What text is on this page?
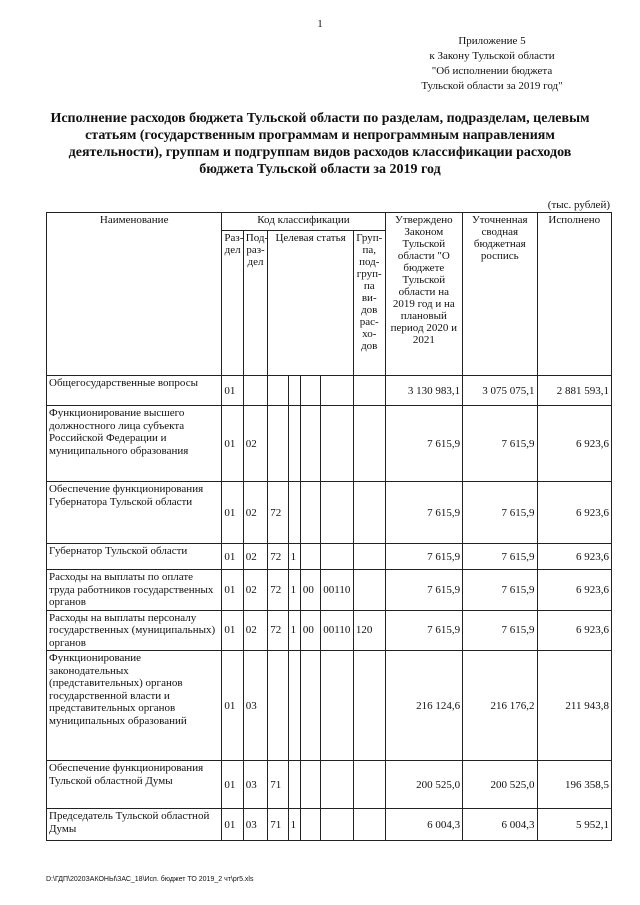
1
Приложение 5
к Закону Тульской области
"Об исполнении бюджета
Тульской области за 2019 год"
Исполнение расходов бюджета Тульской области по разделам, подразделам, целевым статьям (государственным программам и непрограммным направлениям деятельности), группам и подгруппам видов расходов классификации расходов бюджета Тульской области за 2019 год
(тыс. рублей)
Наименование	Код классификации							Утверждено Законом Тульской области "О бюджете Тульской области на 2019 год и на плановый период 2020 и 2021	Уточненная сводная бюджетная роспись	Исполнено
	Раз-дел	Под-раз-дел	Целевая статья				Груп-па, под-груп-па ви-дов рас-хо-дов			
Общегосударственные вопросы	01							3 130 983,1	3 075 075,1	2 881 593,1
Функционирование высшего должностного лица субъекта Российской Федерации и муниципального образования	01	02						7 615,9	7 615,9	6 923,6
Обеспечение функционирования Губернатора Тульской области	01	02	72					7 615,9	7 615,9	6 923,6
Губернатор Тульской области	01	02	72	1				7 615,9	7 615,9	6 923,6
Расходы на выплаты по оплате труда работников государственных органов	01	02	72	1	00	00110		7 615,9	7 615,9	6 923,6
Расходы на выплаты персоналу государственных (муниципальных) органов	01	02	72	1	00	00110	120	7 615,9	7 615,9	6 923,6
Функционирование законодательных (представительных) органов государственной власти и представительных органов муниципальных образований	01	03						216 124,6	216 176,2	211 943,8
Обеспечение функционирования Тульской областной Думы	01	03	71					200 525,0	200 525,0	196 358,5
Председатель Тульской областной Думы	01	03	71	1				6 004,3	6 004,3	5 952,1
D:\ГДП\2020ЗАКОНЫ\ЗАС_18\Исп. бюджет ТО 2019_2 чт\pr5.xls
